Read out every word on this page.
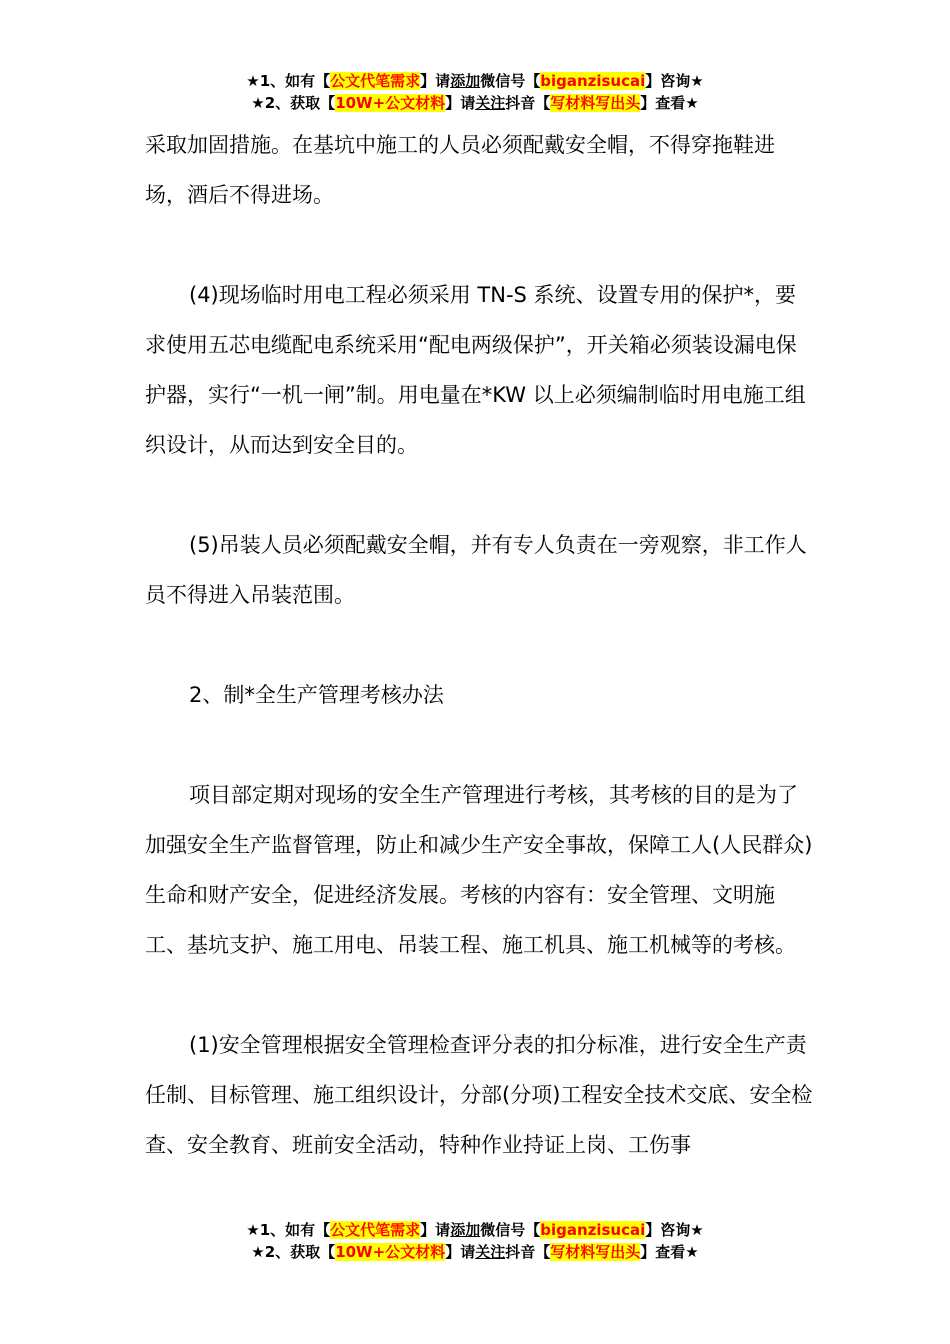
★1、如有【公文代笔需求】请添加微信号【biganzisucai】咨询★
★2、获取【10W+公文材料】请关注抖音【写材料写出头】查看★

采取加固措施。在基坑中施工的人员必须配戴安全帽，不得穿拖鞋进场，酒后不得进场。

(4)现场临时用电工程必须采用 TN-S 系统、设置专用的保护*，要求使用五芯电缆配电系统采用“配电两级保护”，开关箱必须装设漏电保护器，实行“一机一闸”制。用电量在*KW 以上必须编制临时用电施工组织设计，从而达到安全目的。

(5)吊装人员必须配戴安全帽，并有专人负责在一旁观察，非工作人员不得进入吊装范围。

2、制*全生产管理考核办法

项目部定期对现场的安全生产管理进行考核，其考核的目的是为了加强安全生产监督管理，防止和减少生产安全事故，保障工人(人民群众)生命和财产安全，促进经济发展。考核的内容有：安全管理、文明施工、基坑支护、施工用电、吊装工程、施工机具、施工机械等的考核。

(1)安全管理根据安全管理检查评分表的扣分标准，进行安全生产责任制、目标管理、施工组织设计，分部(分项)工程安全技术交底、安全检查、安全教育、班前安全活动，特种作业持证上岗、工伤事

★1、如有【公文代笔需求】请添加微信号【biganzisucai】咨询★
★2、获取【10W+公文材料】请关注抖音【写材料写出头】查看★
